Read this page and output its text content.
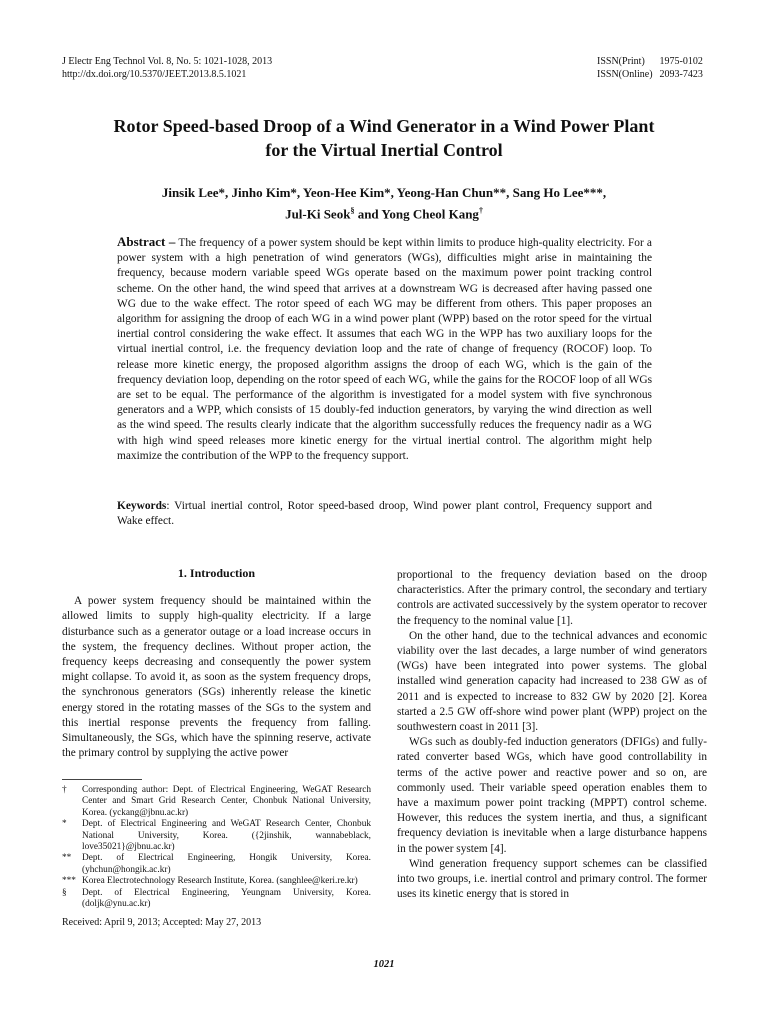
J Electr Eng Technol Vol. 8, No. 5: 1021-1028, 2013
http://dx.doi.org/10.5370/JEET.2013.8.5.1021
ISSN(Print) 1975-0102
ISSN(Online) 2093-7423
Rotor Speed-based Droop of a Wind Generator in a Wind Power Plant
for the Virtual Inertial Control
Jinsik Lee*, Jinho Kim*, Yeon-Hee Kim*, Yeong-Han Chun**, Sang Ho Lee***,
Jul-Ki Seok§ and Yong Cheol Kang†
Abstract – The frequency of a power system should be kept within limits to produce high-quality electricity. For a power system with a high penetration of wind generators (WGs), difficulties might arise in maintaining the frequency, because modern variable speed WGs operate based on the maximum power point tracking control scheme. On the other hand, the wind speed that arrives at a downstream WG is decreased after having passed one WG due to the wake effect. The rotor speed of each WG may be different from others. This paper proposes an algorithm for assigning the droop of each WG in a wind power plant (WPP) based on the rotor speed for the virtual inertial control considering the wake effect. It assumes that each WG in the WPP has two auxiliary loops for the virtual inertial control, i.e. the frequency deviation loop and the rate of change of frequency (ROCOF) loop. To release more kinetic energy, the proposed algorithm assigns the droop of each WG, which is the gain of the frequency deviation loop, depending on the rotor speed of each WG, while the gains for the ROCOF loop of all WGs are set to be equal. The performance of the algorithm is investigated for a model system with five synchronous generators and a WPP, which consists of 15 doubly-fed induction generators, by varying the wind direction as well as the wind speed. The results clearly indicate that the algorithm successfully reduces the frequency nadir as a WG with high wind speed releases more kinetic energy for the virtual inertial control. The algorithm might help maximize the contribution of the WPP to the frequency support.
Keywords: Virtual inertial control, Rotor speed-based droop, Wind power plant control, Frequency support and Wake effect.
1. Introduction

A power system frequency should be maintained within the allowed limits to supply high-quality electricity. If a large disturbance such as a generator outage or a load increase occurs in the system, the frequency declines. Without proper action, the frequency keeps decreasing and consequently the power system might collapse. To avoid it, as soon as the system frequency drops, the synchronous generators (SGs) inherently release the kinetic energy stored in the rotating masses of the SGs to the system and this inertial response prevents the frequency from falling. Simultaneously, the SGs, which have the spinning reserve, activate the primary control by supplying the active power

proportional to the frequency deviation based on the droop characteristics. After the primary control, the secondary and tertiary controls are activated successively by the system operator to recover the frequency to the nominal value [1].

On the other hand, due to the technical advances and economic viability over the last decades, a large number of wind generators (WGs) have been integrated into power systems. The global installed wind generation capacity had increased to 238 GW as of 2011 and is expected to increase to 832 GW by 2020 [2]. Korea started a 2.5 GW off-shore wind power plant (WPP) project on the southwestern coast in 2011 [3].

WGs such as doubly-fed induction generators (DFIGs) and fully-rated converter based WGs, which have good controllability in terms of the active power and reactive power and so on, are commonly used. Their variable speed operation enables them to have a maximum power point tracking (MPPT) control scheme. However, this reduces the system inertia, and thus, a significant frequency deviation is inevitable when a large disturbance happens in the power system [4].

Wind generation frequency support schemes can be classified into two groups, i.e. inertial control and primary control. The former uses its kinetic energy that is stored in

†	Corresponding author: Dept. of Electrical Engineering, WeGAT Research Center and Smart Grid Research Center, Chonbuk National University, Korea. (yckang@jbnu.ac.kr)
*	Dept. of Electrical Engineering and WeGAT Research Center, Chonbuk National University, Korea. ({2jinshik, wannabeblack, love35021}@jbnu.ac.kr)
**	Dept. of Electrical Engineering, Hongik University, Korea. (yhchun@hongik.ac.kr)
*** Korea Electrotechnology Research Institute, Korea. (sanghlee@keri.re.kr)
§	Dept. of Electrical Engineering, Yeungnam University, Korea. (doljk@ynu.ac.kr)
Received: April 9, 2013; Accepted: May 27, 2013
1021
